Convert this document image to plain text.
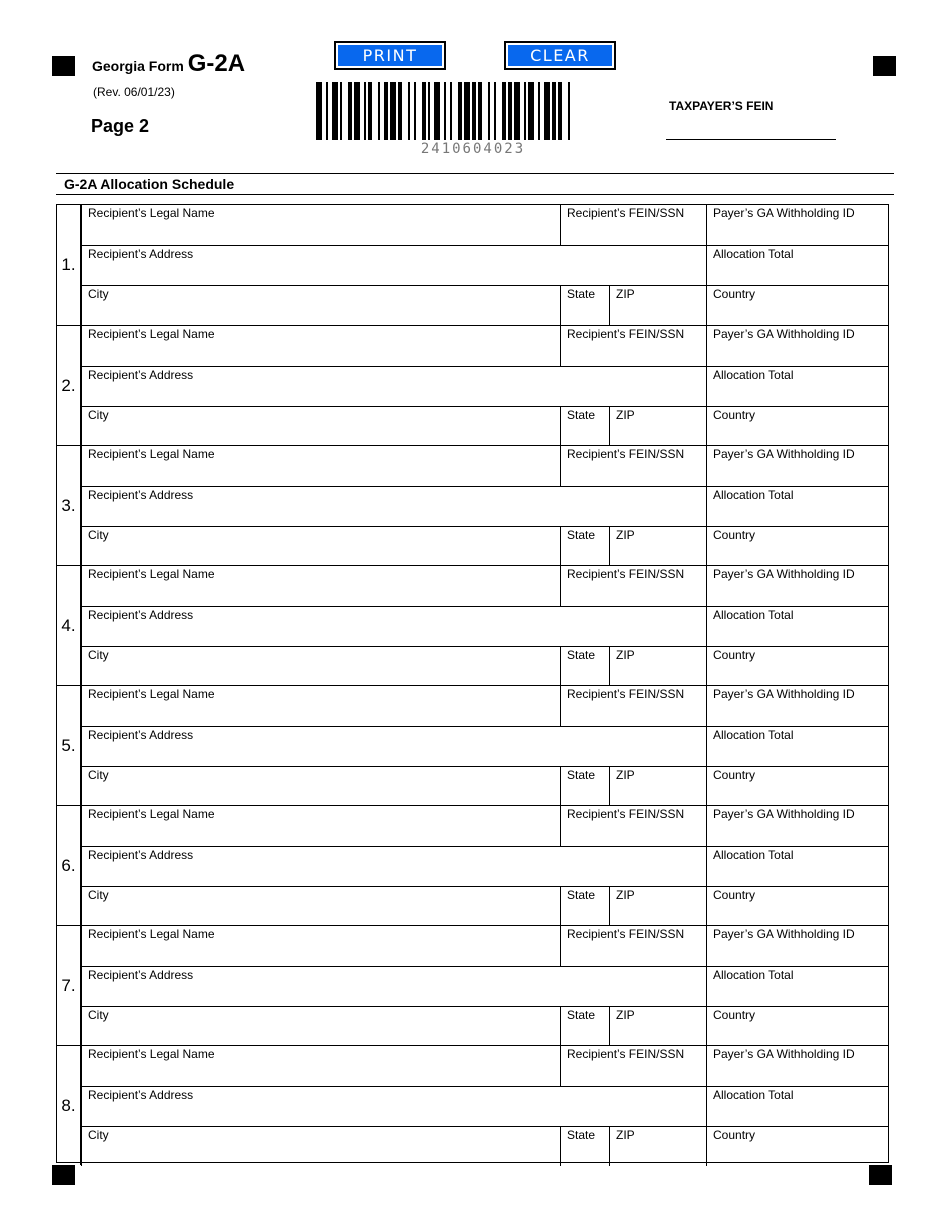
Georgia Form G-2A
(Rev. 06/01/23)
Page 2
PRINT	CLEAR
2410604023
TAXPAYER’S FEIN
G-2A Allocation Schedule
1.
Recipient’s Legal Name	Recipient’s FEIN/SSN	Payer’s GA Withholding ID
Recipient’s Address	Allocation Total
City	State	ZIP	Country
2.
Recipient’s Legal Name	Recipient’s FEIN/SSN	Payer’s GA Withholding ID
Recipient’s Address	Allocation Total
City	State	ZIP	Country
3.
Recipient’s Legal Name	Recipient’s FEIN/SSN	Payer’s GA Withholding ID
Recipient’s Address	Allocation Total
City	State	ZIP	Country
4.
Recipient’s Legal Name	Recipient’s FEIN/SSN	Payer’s GA Withholding ID
Recipient’s Address	Allocation Total
City	State	ZIP	Country
5.
Recipient’s Legal Name	Recipient’s FEIN/SSN	Payer’s GA Withholding ID
Recipient’s Address	Allocation Total
City	State	ZIP	Country
6.
Recipient’s Legal Name	Recipient’s FEIN/SSN	Payer’s GA Withholding ID
Recipient’s Address	Allocation Total
City	State	ZIP	Country
7.
Recipient’s Legal Name	Recipient’s FEIN/SSN	Payer’s GA Withholding ID
Recipient’s Address	Allocation Total
City	State	ZIP	Country
8.
Recipient’s Legal Name	Recipient’s FEIN/SSN	Payer’s GA Withholding ID
Recipient’s Address	Allocation Total
City	State	ZIP	Country
